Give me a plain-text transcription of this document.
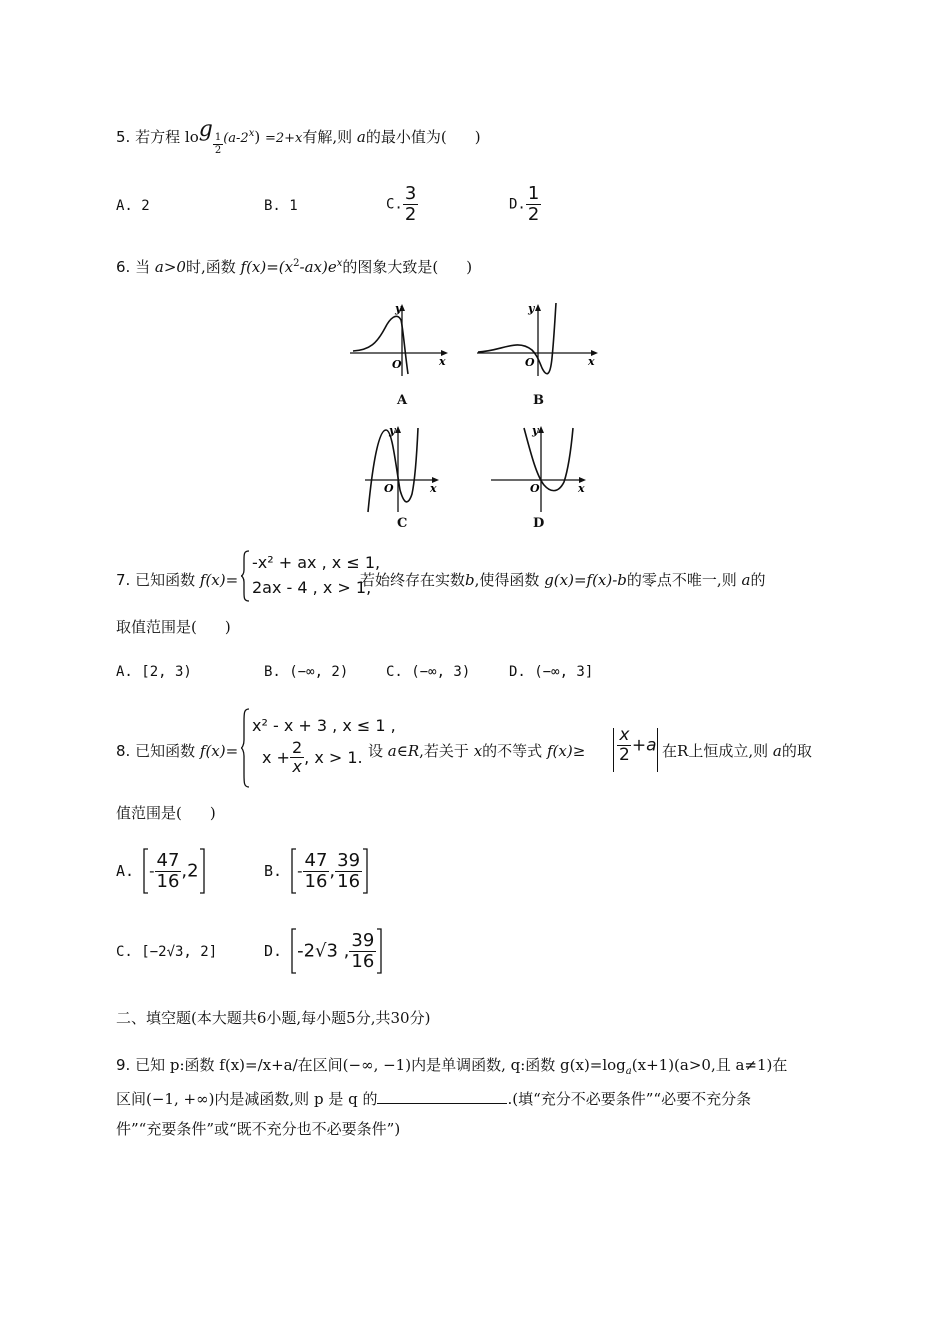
5. 若方程 log
$\frac{1}{2} (a-2^x) =2+x$有解,则 a的最小值为( )
A. 2	B. 1	C. $\frac{3}{2}$	D. $\frac{1}{2}$
6. 当 a>0时,函数 $f(x)=(x^2-ax)e^x$的图象大致是( )
y
x
O
A
y
x
O
B
y
x
O
C
y
x
O
D
7. 已知函数 f(x)=
-x² + ax , x ≤ 1,
2ax - 4 , x > 1,
若始终存在实数b,使得函数 g(x)=f(x)-b的零点不唯一,则 a的
取值范围是( )
A. [2, 3)	B. (−∞, 2)	C. (−∞, 3)	D. (−∞, 3]
8. 已知函数 f(x)=
x² - x + 3 , x ≤ 1 ,
$x + \frac{2}{x}$ , x > 1. 设 a∈R,若关于 x的不等式 $f(x)\ge \frac{x}{2} +a$ 在R上恒成立,则 a的取
值范围是( )
A. - $\frac{47}{16} ,2$	B. - $\frac{47}{16}$ , $\frac{39}{16}$
C. [−2√3, 2]	D. -2√3 , $\frac{39}{16}$
二、填空题(本大题共6小题,每小题5分,共30分)
9. 已知 p:函数 f(x)=/x+a/在区间(−∞, −1)内是单调函数, q:函数 $g(x)=\log_a(x+1)(a>0$,且 a≠1)在
区间(−1, +∞)内是减函数,则 p 是 q 的	.(填“充分不必要条件”“必要不充分条
件”“充要条件”或“既不充分也不必要条件”)
